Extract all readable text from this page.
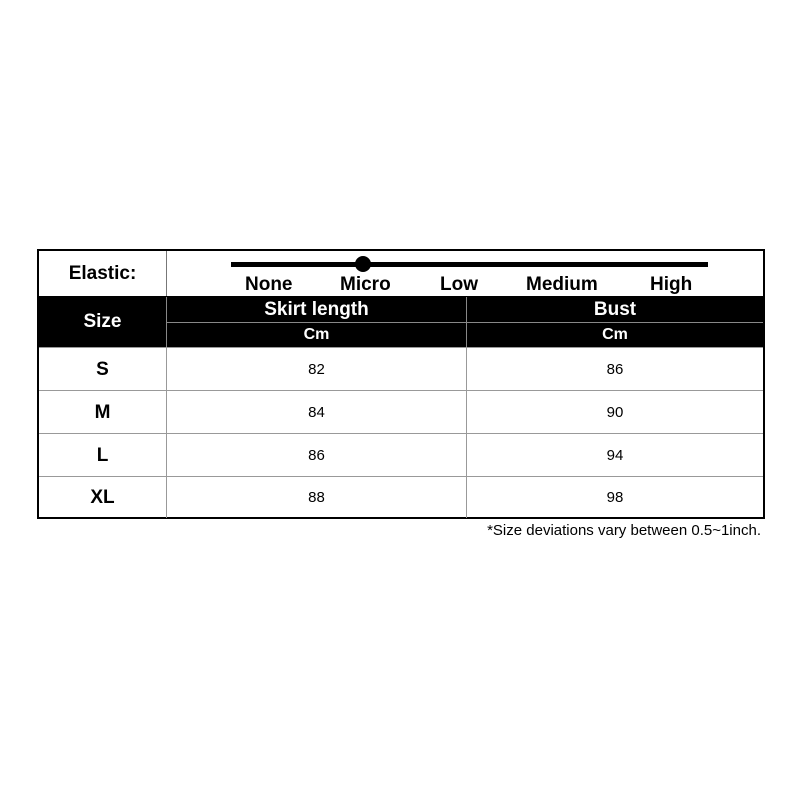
Elastic:
None	Micro	Low	Medium	High
Size
Skirt length	Bust
Cm	Cm
S	82	86
M	84	90
L	86	94
XL	88	98
*Size deviations vary between 0.5~1inch.
